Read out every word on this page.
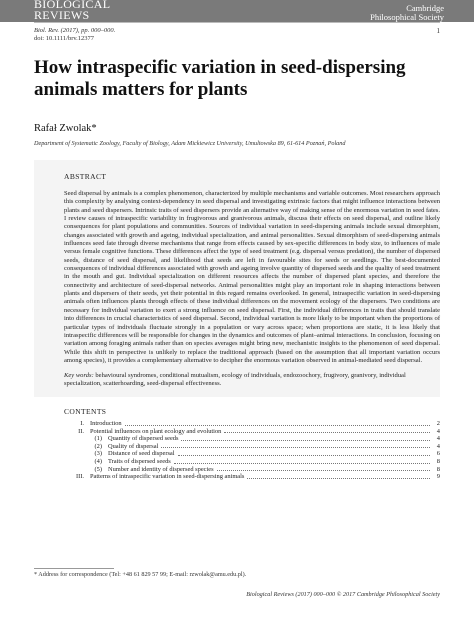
BIOLOGICAL
REVIEWS	Cambridge
Philosophical Society
Biol. Rev. (2017), pp. 000–000.
doi: 10.1111/brv.12377
1
How intraspecific variation in seed-dispersing animals matters for plants
Rafał Zwolak*
Department of Systematic Zoology, Faculty of Biology, Adam Mickiewicz University, Umultowska 89, 61-614 Poznań, Poland
ABSTRACT

Seed dispersal by animals is a complex phenomenon, characterized by multiple mechanisms and variable outcomes. Most researchers approach this complexity by analysing context-dependency in seed dispersal and investigating extrinsic factors that might influence interactions between plants and seed dispersers. Intrinsic traits of seed dispersers provide an alternative way of making sense of the enormous variation in seed fates. I review causes of intraspecific variability in frugivorous and granivorous animals, discuss their effects on seed dispersal, and outline likely consequences for plant populations and communities. Sources of individual variation in seed-dispersing animals include sexual dimorphism, changes associated with growth and ageing, individual specialization, and animal personalities. Sexual dimorphism of seed-dispersing animals influences seed fate through diverse mechanisms that range from effects caused by sex-specific differences in body size, to influences of male versus female cognitive functions. These differences affect the type of seed treatment (e.g. dispersal versus predation), the number of dispersed seeds, distance of seed dispersal, and likelihood that seeds are left in favourable sites for seeds or seedlings. The best-documented consequences of individual differences associated with growth and ageing involve quantity of dispersed seeds and the quality of seed treatment in the mouth and gut. Individual specialization on different resources affects the number of dispersed plant species, and therefore the connectivity and architecture of seed-dispersal networks. Animal personalities might play an important role in shaping interactions between plants and dispersers of their seeds, yet their potential in this regard remains overlooked. In general, intraspecific variation in seed-dispersing animals often influences plants through effects of these individual differences on the movement ecology of the dispersers. Two conditions are necessary for individual variation to exert a strong influence on seed dispersal. First, the individual differences in traits that should translate into differences in crucial characteristics of seed dispersal. Second, individual variation is more likely to be important when the proportions of particular types of individuals fluctuate strongly in a population or vary across space; when proportions are static, it is less likely that intraspecific differences will be responsible for changes in the dynamics and outcomes of plant–animal interactions. In conclusion, focusing on variation among foraging animals rather than on species averages might bring new, mechanistic insights to the phenomenon of seed dispersal. While this shift in perspective is unlikely to replace the traditional approach (based on the assumption that all important variation occurs among species), it provides a complementary alternative to decipher the enormous variation observed in animal-mediated seed dispersal.

Key words: behavioural syndromes, conditional mutualism, ecology of individuals, endozoochory, frugivory, granivory, individual specialization, scatterhoarding, seed-dispersal effectiveness.
CONTENTS
I. Introduction	2
II. Potential influences on plant ecology and evolution	4
(1) Quantity of dispersed seeds	4
(2) Quality of dispersal	4
(3) Distance of seed dispersal	6
(4) Traits of dispersed seeds	8
(5) Number and identity of dispersed species	8
III. Patterns of intraspecific variation in seed-dispersing animals	9
* Address for correspondence (Tel: +48 61 829 57 99; E-mail: rzwolak@amu.edu.pl).
Biological Reviews (2017) 000–000 © 2017 Cambridge Philosophical Society
